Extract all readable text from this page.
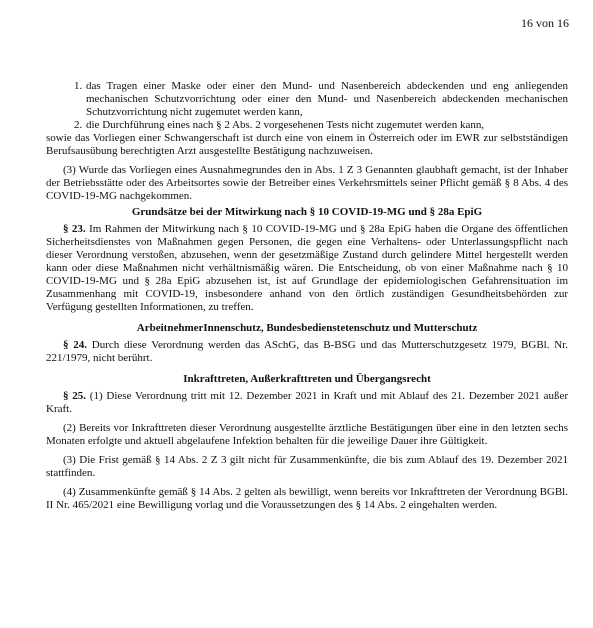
16 von 16
1. das Tragen einer Maske oder einer den Mund- und Nasenbereich abdeckenden und eng anliegenden mechanischen Schutzvorrichtung oder einer den Mund- und Nasenbereich abdeckenden mechanischen Schutzvorrichtung nicht zugemutet werden kann,
2. die Durchführung eines nach § 2 Abs. 2 vorgesehenen Tests nicht zugemutet werden kann,

sowie das Vorliegen einer Schwangerschaft ist durch eine von einem in Österreich oder im EWR zur selbstständigen Berufsausübung berechtigten Arzt ausgestellte Bestätigung nachzuweisen.

(3) Wurde das Vorliegen eines Ausnahmegrundes den in Abs. 1 Z 3 Genannten glaubhaft gemacht, ist der Inhaber der Betriebsstätte oder des Arbeitsortes sowie der Betreiber eines Verkehrsmittels seiner Pflicht gemäß § 8 Abs. 4 des COVID-19-MG nachgekommen.

Grundsätze bei der Mitwirkung nach § 10 COVID-19-MG und § 28a EpiG

§ 23. Im Rahmen der Mitwirkung nach § 10 COVID-19-MG und § 28a EpiG haben die Organe des öffentlichen Sicherheitsdienstes von Maßnahmen gegen Personen, die gegen eine Verhaltens- oder Unterlassungspflicht nach dieser Verordnung verstoßen, abzusehen, wenn der gesetzmäßige Zustand durch gelindere Mittel hergestellt werden kann oder diese Maßnahmen nicht verhältnismäßig wären. Die Entscheidung, ob von einer Maßnahme nach § 10 COVID-19-MG und § 28a EpiG abzusehen ist, ist auf Grundlage der epidemiologischen Gefahrensituation im Zusammenhang mit COVID-19, insbesondere anhand von den örtlich zuständigen Gesundheitsbehörden zur Verfügung gestellten Informationen, zu treffen.

ArbeitnehmerInnenschutz, Bundesbedienstetenschutz und Mutterschutz

§ 24. Durch diese Verordnung werden das ASchG, das B-BSG und das Mutterschutzgesetz 1979, BGBl. Nr. 221/1979, nicht berührt.

Inkrafttreten, Außerkrafttreten und Übergangsrecht

§ 25. (1) Diese Verordnung tritt mit 12. Dezember 2021 in Kraft und mit Ablauf des 21. Dezember 2021 außer Kraft.

(2) Bereits vor Inkrafttreten dieser Verordnung ausgestellte ärztliche Bestätigungen über eine in den letzten sechs Monaten erfolgte und aktuell abgelaufene Infektion behalten für die jeweilige Dauer ihre Gültigkeit.

(3) Die Frist gemäß § 14 Abs. 2 Z 3 gilt nicht für Zusammenkünfte, die bis zum Ablauf des 19. Dezember 2021 stattfinden.

(4) Zusammenkünfte gemäß § 14 Abs. 2 gelten als bewilligt, wenn bereits vor Inkrafttreten der Verordnung BGBl. II Nr. 465/2021 eine Bewilligung vorlag und die Voraussetzungen des § 14 Abs. 2 eingehalten werden.
